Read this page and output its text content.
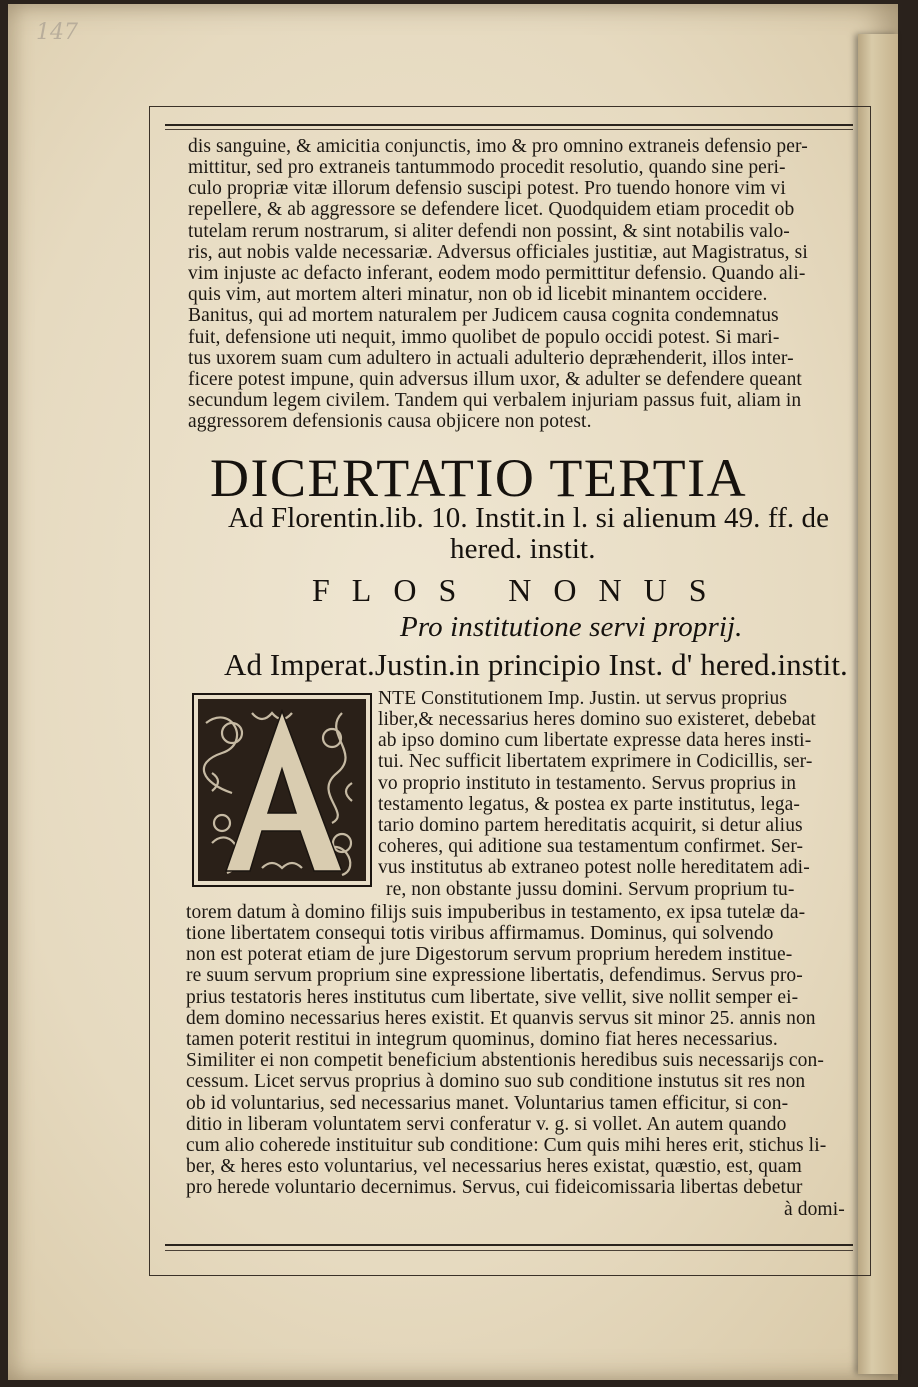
147
dis sanguine, & amicitia conjunctis, imo & pro omnino extraneis defensio per-
mittitur, sed pro extraneis tantummodo procedit resolutio, quando sine peri-
culo propriæ vitæ illorum defensio suscipi potest. Pro tuendo honore vim vi
repellere, & ab aggressore se defendere licet. Quodquidem etiam procedit ob
tutelam rerum nostrarum, si aliter defendi non possint, & sint notabilis valo-
ris, aut nobis valde necessariæ. Adversus officiales justitiæ, aut Magistratus, si
vim injuste ac defacto inferant, eodem modo permittitur defensio. Quando ali-
quis vim, aut mortem alteri minatur, non ob id licebit minantem occidere.
Banitus, qui ad mortem naturalem per Judicem causa cognita condemnatus
fuit, defensione uti nequit, immo quolibet de populo occidi potest. Si mari-
tus uxorem suam cum adultero in actuali adulterio depræhenderit, illos inter-
ficere potest impune, quin adversus illum uxor, & adulter se defendere queant
secundum legem civilem. Tandem qui verbalem injuriam passus fuit, aliam in
aggressorem defensionis causa objicere non potest.
DICERTATIO TERTIA
Ad Florentin.lib. 10. Instit.in l. si alienum 49. ff. de
hered. instit.
FLOS NONUS
Pro institutione servi proprij.
Ad Imperat.Justin.in principio Inst. d' hered.instit.
A
NTE Constitutionem Imp. Justin. ut servus proprius
liber,& necessarius heres domino suo existeret, debebat
ab ipso domino cum libertate expresse data heres insti-
tui. Nec sufficit libertatem exprimere in Codicillis, ser-
vo proprio instituto in testamento. Servus proprius in
testamento legatus, & postea ex parte institutus, lega-
tario domino partem hereditatis acquirit, si detur alius
coheres, qui aditione sua testamentum confirmet. Ser-
vus institutus ab extraneo potest nolle hereditatem adi-
re, non obstante jussu domini. Servum proprium tu-
torem datum à domino filijs suis impuberibus in testamento, ex ipsa tutelæ da-
tione libertatem consequi totis viribus affirmamus. Dominus, qui solvendo
non est poterat etiam de jure Digestorum servum proprium heredem institue-
re suum servum proprium sine expressione libertatis, defendimus. Servus pro-
prius testatoris heres institutus cum libertate, sive vellit, sive nollit semper ei-
dem domino necessarius heres existit. Et quanvis servus sit minor 25. annis non
tamen poterit restitui in integrum quominus, domino fiat heres necessarius.
Similiter ei non competit beneficium abstentionis heredibus suis necessarijs con-
cessum. Licet servus proprius à domino suo sub conditione instutus sit res non
ob id voluntarius, sed necessarius manet. Voluntarius tamen efficitur, si con-
ditio in liberam voluntatem servi conferatur v. g. si vollet. An autem quando
cum alio coherede instituitur sub conditione: Cum quis mihi heres erit, stichus li-
ber, & heres esto voluntarius, vel necessarius heres existat, quæstio, est, quam
pro herede voluntario decernimus. Servus, cui fideicomissaria libertas debetur
à domi-
